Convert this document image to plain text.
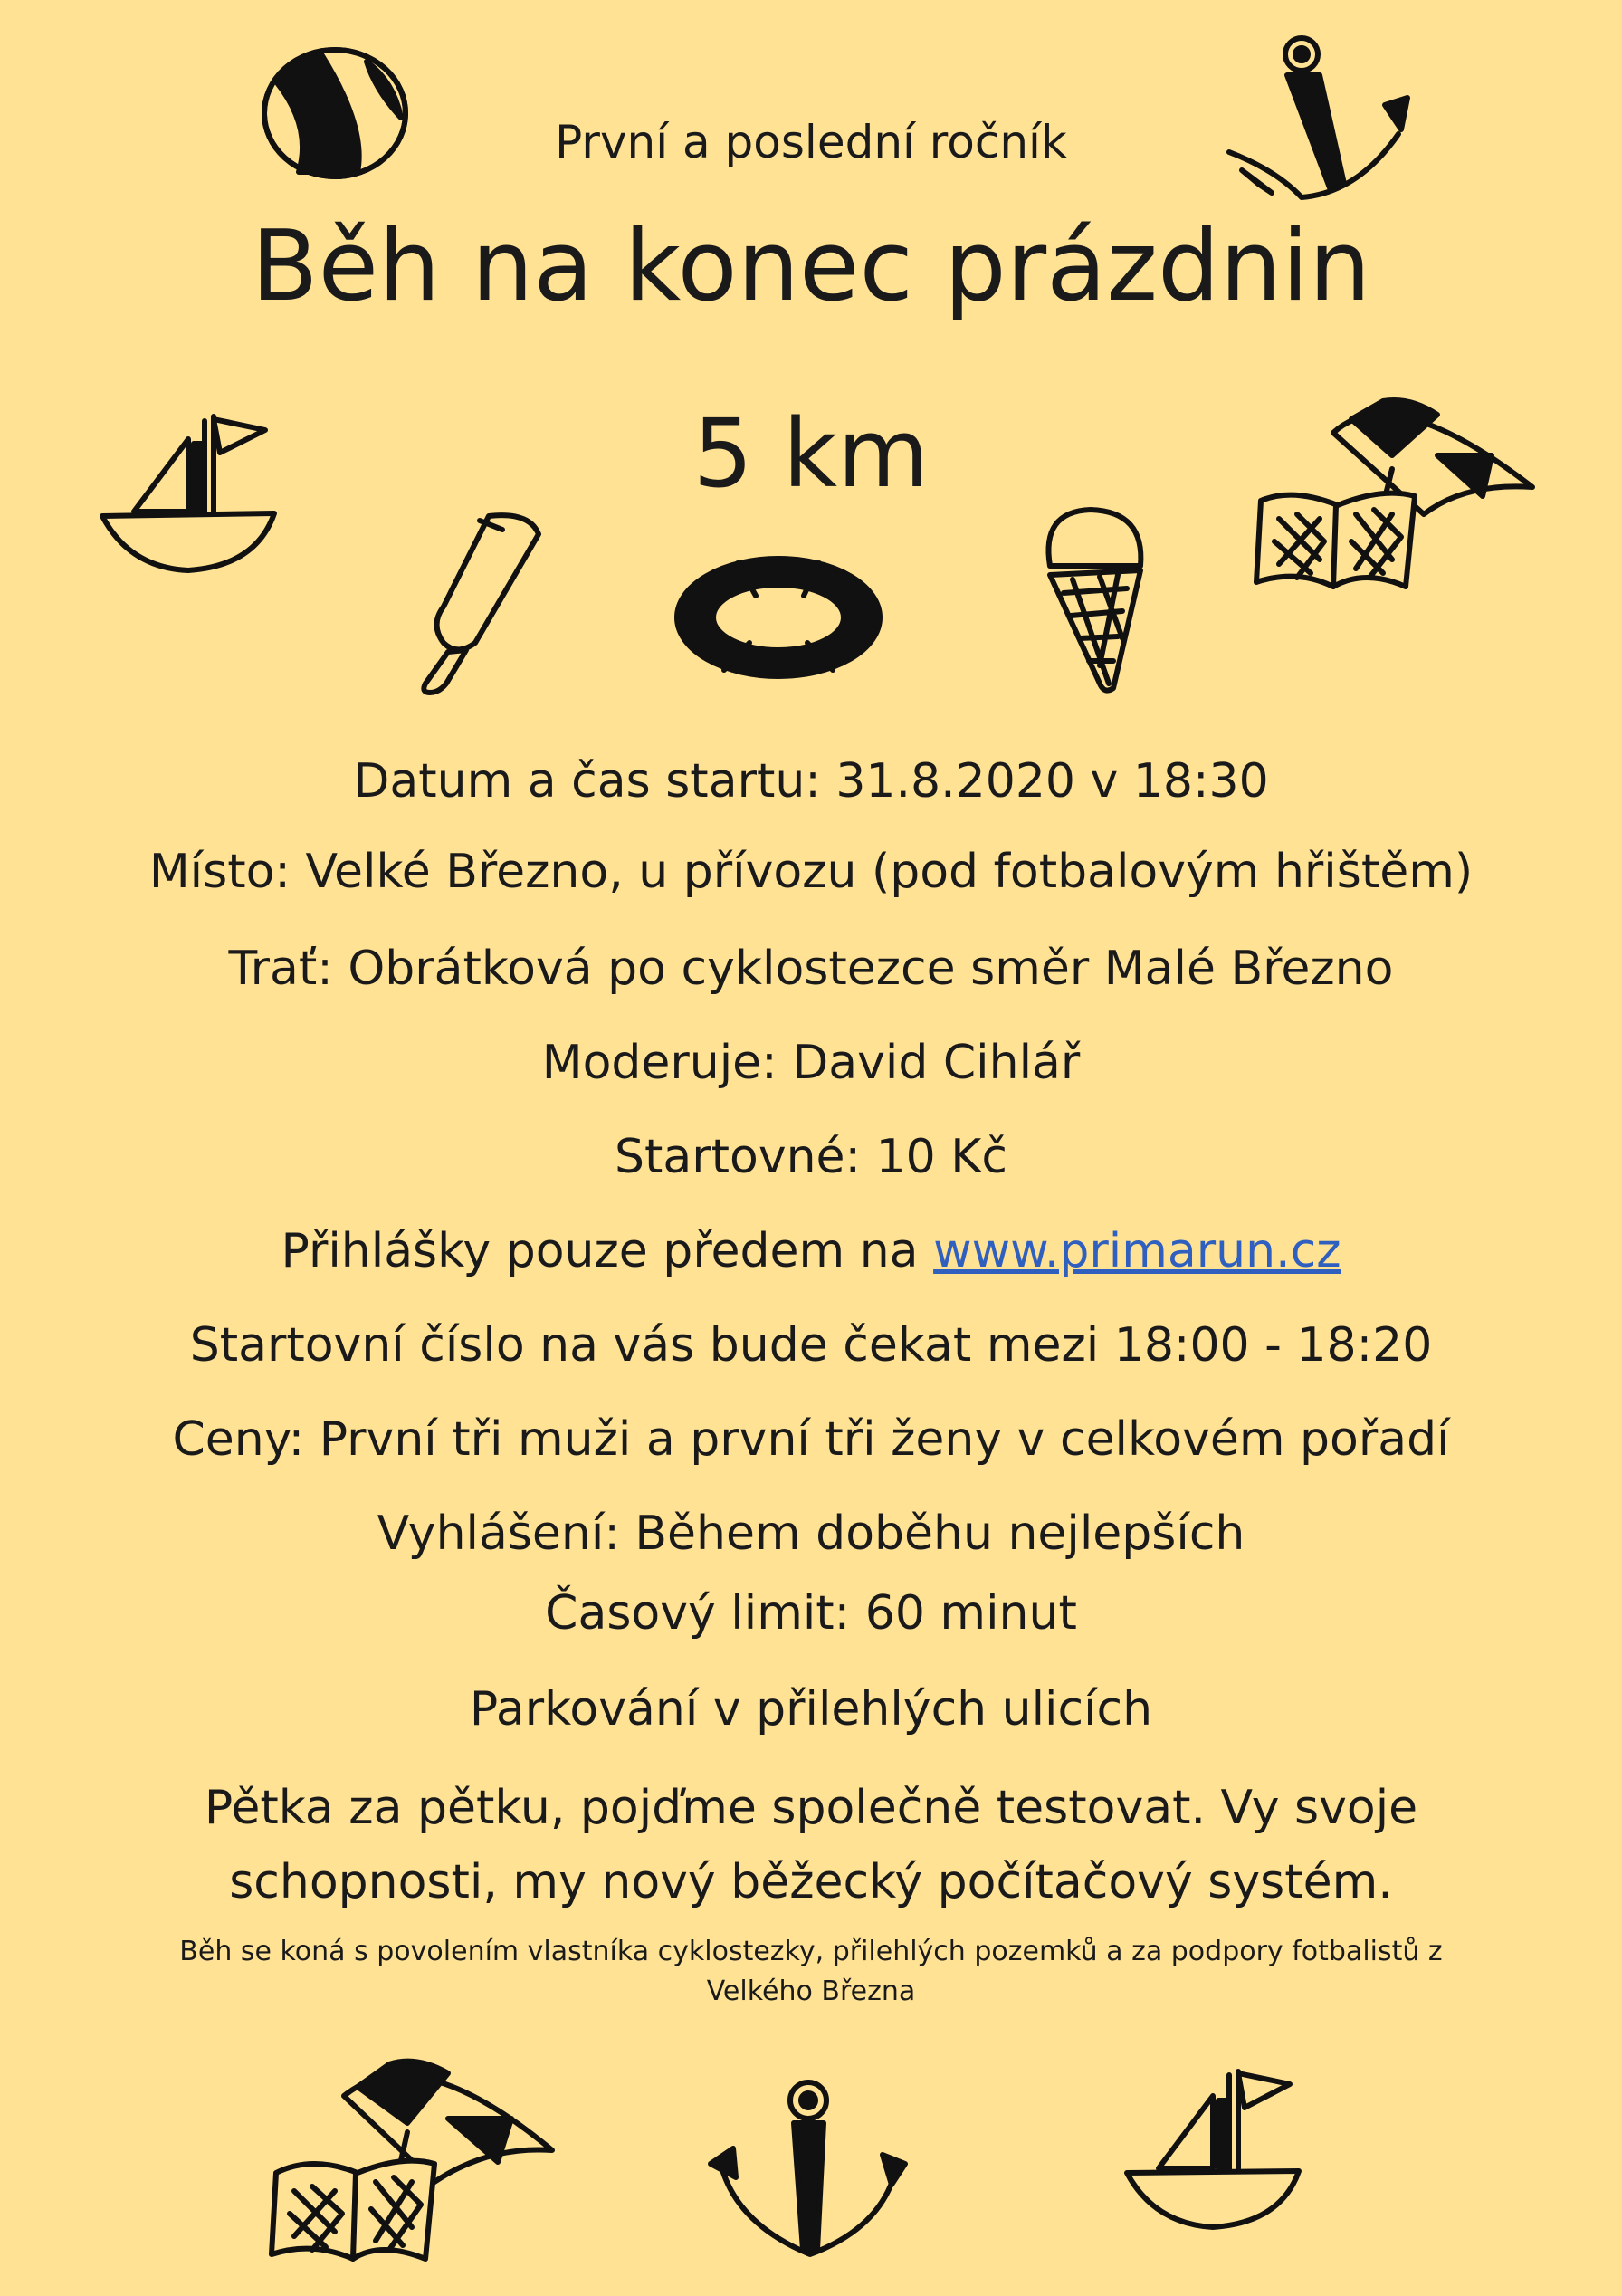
První a poslední ročník

Běh na konec prázdnin

5 km

Datum a čas startu: 31.8.2020 v 18:30

Místo: Velké Březno, u přívozu (pod fotbalovým hřištěm)

Trať: Obrátková po cyklostezce směr Malé Březno

Moderuje: David Cihlář

Startovné: 10 Kč

Přihlášky pouze předem na www.primarun.cz

Startovní číslo na vás bude čekat mezi 18:00 - 18:20

Ceny: První tři muži a první tři ženy v celkovém pořadí

Vyhlášení: Během doběhu nejlepších

Časový limit: 60 minut

Parkování v přilehlých ulicích

Pětka za pětku, pojďme společně testovat. Vy svoje
schopnosti, my nový běžecký počítačový systém.

Běh se koná s povolením vlastníka cyklostezky, přilehlých pozemků a za podpory fotbalistů z
Velkého Března
